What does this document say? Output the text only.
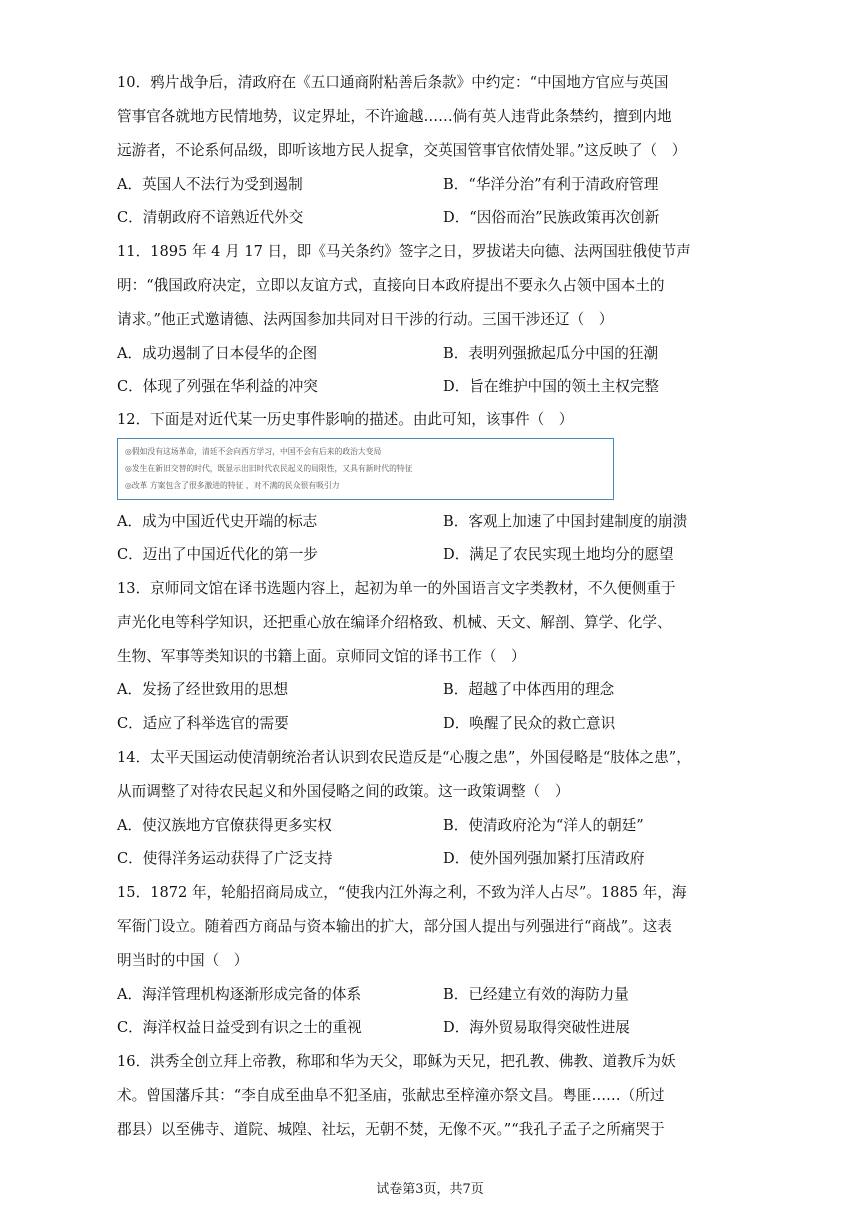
10．鸦片战争后，清政府在《五口通商附粘善后条款》中约定：“中国地方官应与英国
管事官各就地方民情地势，议定界址，不许逾越……倘有英人违背此条禁约，擅到内地
远游者，不论系何品级，即听该地方民人捉拿，交英国管事官依情处罪。”这反映了（　）
A．英国人不法行为受到遏制	B．“华洋分治”有利于清政府管理
C．清朝政府不谙熟近代外交	D．“因俗而治”民族政策再次创新
11．1895 年 4 月 17 日，即《马关条约》签字之日，罗拔诺夫向德、法两国驻俄使节声
明：“俄国政府决定，立即以友谊方式，直接向日本政府提出不要永久占领中国本土的
请求。”他正式邀请德、法两国参加共同对日干涉的行动。三国干涉还辽（　）
A．成功遏制了日本侵华的企图	B．表明列强掀起瓜分中国的狂潮
C．体现了列强在华利益的冲突	D．旨在维护中国的领土主权完整
12．下面是对近代某一历史事件影响的描述。由此可知，该事件（　）
◎假如没有这场革命，清廷不会向西方学习，中国不会有后来的政治大变局
◎发生在新旧交替的时代，既显示出旧时代农民起义的局限性，又具有新时代的特征
◎改革 方案包含了很多激进的特征 ，对不满的民众很有吸引力
A．成为中国近代史开端的标志	B．客观上加速了中国封建制度的崩溃
C．迈出了中国近代化的第一步	D．满足了农民实现土地均分的愿望
13．京师同文馆在译书选题内容上，起初为单一的外国语言文字类教材，不久便侧重于
声光化电等科学知识，还把重心放在编译介绍格致、机械、天文、解剖、算学、化学、
生物、军事等类知识的书籍上面。京师同文馆的译书工作（　）
A．发扬了经世致用的思想	B．超越了中体西用的理念
C．适应了科举选官的需要	D．唤醒了民众的救亡意识
14．太平天国运动使清朝统治者认识到农民造反是“心腹之患”，外国侵略是“肢体之患”，
从而调整了对待农民起义和外国侵略之间的政策。这一政策调整（　）
A．使汉族地方官僚获得更多实权	B．使清政府沦为“洋人的朝廷”
C．使得洋务运动获得了广泛支持	D．使外国列强加紧打压清政府
15．1872 年，轮船招商局成立，“使我内江外海之利，不致为洋人占尽”。1885 年，海
军衙门设立。随着西方商品与资本输出的扩大，部分国人提出与列强进行“商战”。这表
明当时的中国（　）
A．海洋管理机构逐渐形成完备的体系	B．已经建立有效的海防力量
C．海洋权益日益受到有识之士的重视	D．海外贸易取得突破性进展
16．洪秀全创立拜上帝教，称耶和华为天父，耶稣为天兄，把孔教、佛教、道教斥为妖
术。曾国藩斥其：“李自成至曲阜不犯圣庙，张献忠至梓潼亦祭文昌。粤匪……（所过
郡县）以至佛寺、道院、城隍、社坛，无朝不焚，无像不灭。”“我孔子孟子之所痛哭于
试卷第3页，共7页
